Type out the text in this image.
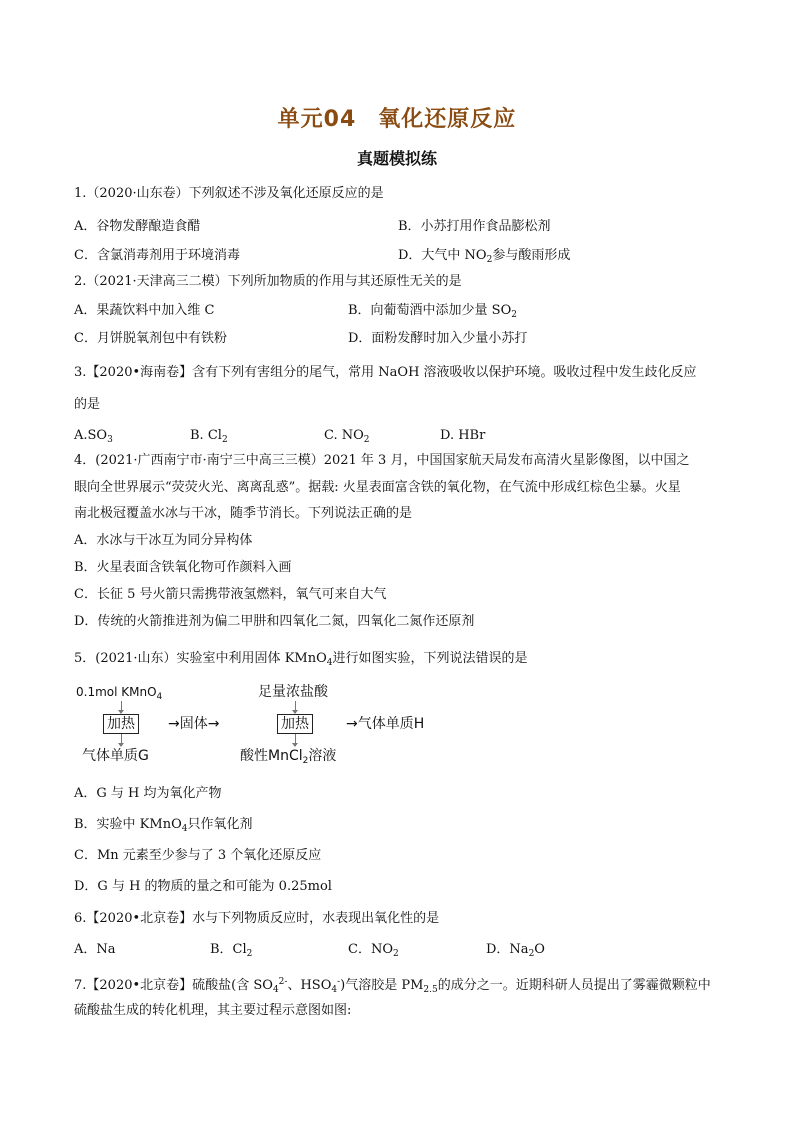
单元04 氧化还原反应
真题模拟练
1.（2020·山东卷）下列叙述不涉及氧化还原反应的是
A．谷物发酵酿造食醋	B．小苏打用作食品膨松剂
C．含氯消毒剂用于环境消毒	D．大气中 $NO_2$参与酸雨形成
2.（2021·天津高三二模）下列所加物质的作用与其还原性无关的是
A．果蔬饮料中加入维 C	B．向葡萄酒中添加少量 $SO_2$
C．月饼脱氧剂包中有铁粉	D．面粉发酵时加入少量小苏打
3.【2020•海南卷】含有下列有害组分的尾气，常用 NaOH 溶液吸收以保护环境。吸收过程中发生歧化反应
的是
$A.SO_3$	B. $Cl_2$	C. $NO_2$	D. HBr
4．(2021·广西南宁市·南宁三中高三三模）2021 年 3 月，中国国家航天局发布高清火星影像图，以中国之
眼向全世界展示“荧荧火光、离离乱惑”。据载: 火星表面富含铁的氧化物，在气流中形成红棕色尘暴。火星
南北极冠覆盖水冰与干冰，随季节消长。下列说法正确的是
A．水冰与干冰互为同分异构体
B．火星表面含铁氧化物可作颜料入画
C．长征 5 号火箭只需携带液氢燃料，氧气可来自大气
D．传统的火箭推进剂为偏二甲肼和四氧化二氮，四氧化二氮作还原剂
5．(2021·山东）实验室中利用固体 KMnO$_4$进行如图实验，下列说法错误的是
0.1mol KMnO$_4$
加热
气体单质G
→固体→
足量浓盐酸
加热
酸性MnCl$_2$溶液
→气体单质H
A．G 与 H 均为氧化产物
B．实验中 KMnO$_4$只作氧化剂
C．Mn 元素至少参与了 3 个氧化还原反应
D．G 与 H 的物质的量之和可能为 0.25mol
6.【2020•北京卷】水与下列物质反应时，水表现出氧化性的是
A．Na	B．$Cl_2$	C．$NO_2$	D．$Na_2O$
7.【2020•北京卷】硫酸盐(含 $SO_4^{2-}$、$HSO_4^-$)气溶胶是 $PM_{2.5}$的成分之一。近期科研人员提出了雾霾微颗粒中
硫酸盐生成的转化机理，其主要过程示意图如图:
